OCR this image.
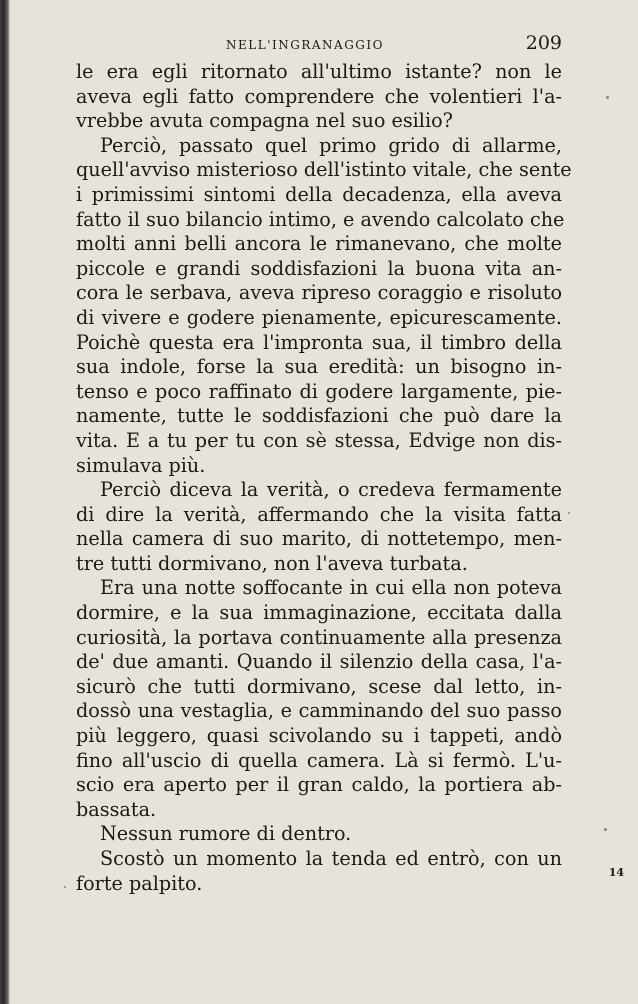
NELL'INGRANAGGIO	209
le era egli ritornato all'ultimo istante? non le
aveva egli fatto comprendere che volentieri l'a-
vrebbe avuta compagna nel suo esilio?
Perciò, passato quel primo grido di allarme,
quell'avviso misterioso dell'istinto vitale, che sente
i primissimi sintomi della decadenza, ella aveva
fatto il suo bilancio intimo, e avendo calcolato che
molti anni belli ancora le rimanevano, che molte
piccole e grandi soddisfazioni la buona vita an-
cora le serbava, aveva ripreso coraggio e risoluto
di vivere e godere pienamente, epicurescamente.
Poichè questa era l'impronta sua, il timbro della
sua indole, forse la sua eredità: un bisogno in-
tenso e poco raffinato di godere largamente, pie-
namente, tutte le soddisfazioni che può dare la
vita. E a tu per tu con sè stessa, Edvige non dis-
simulava più.
Perciò diceva la verità, o credeva fermamente
di dire la verità, affermando che la visita fatta
nella camera di suo marito, di nottetempo, men-
tre tutti dormivano, non l'aveva turbata.
Era una notte soffocante in cui ella non poteva
dormire, e la sua immaginazione, eccitata dalla
curiosità, la portava continuamente alla presenza
de' due amanti. Quando il silenzio della casa, l'a-
sicurò che tutti dormivano, scese dal letto, in-
dossò una vestaglia, e camminando del suo passo
più leggero, quasi scivolando su i tappeti, andò
fino all'uscio di quella camera. Là si fermò. L'u-
scio era aperto per il gran caldo, la portiera ab-
bassata.
Nessun rumore di dentro.
Scostò un momento la tenda ed entrò, con un
forte palpito.	14
